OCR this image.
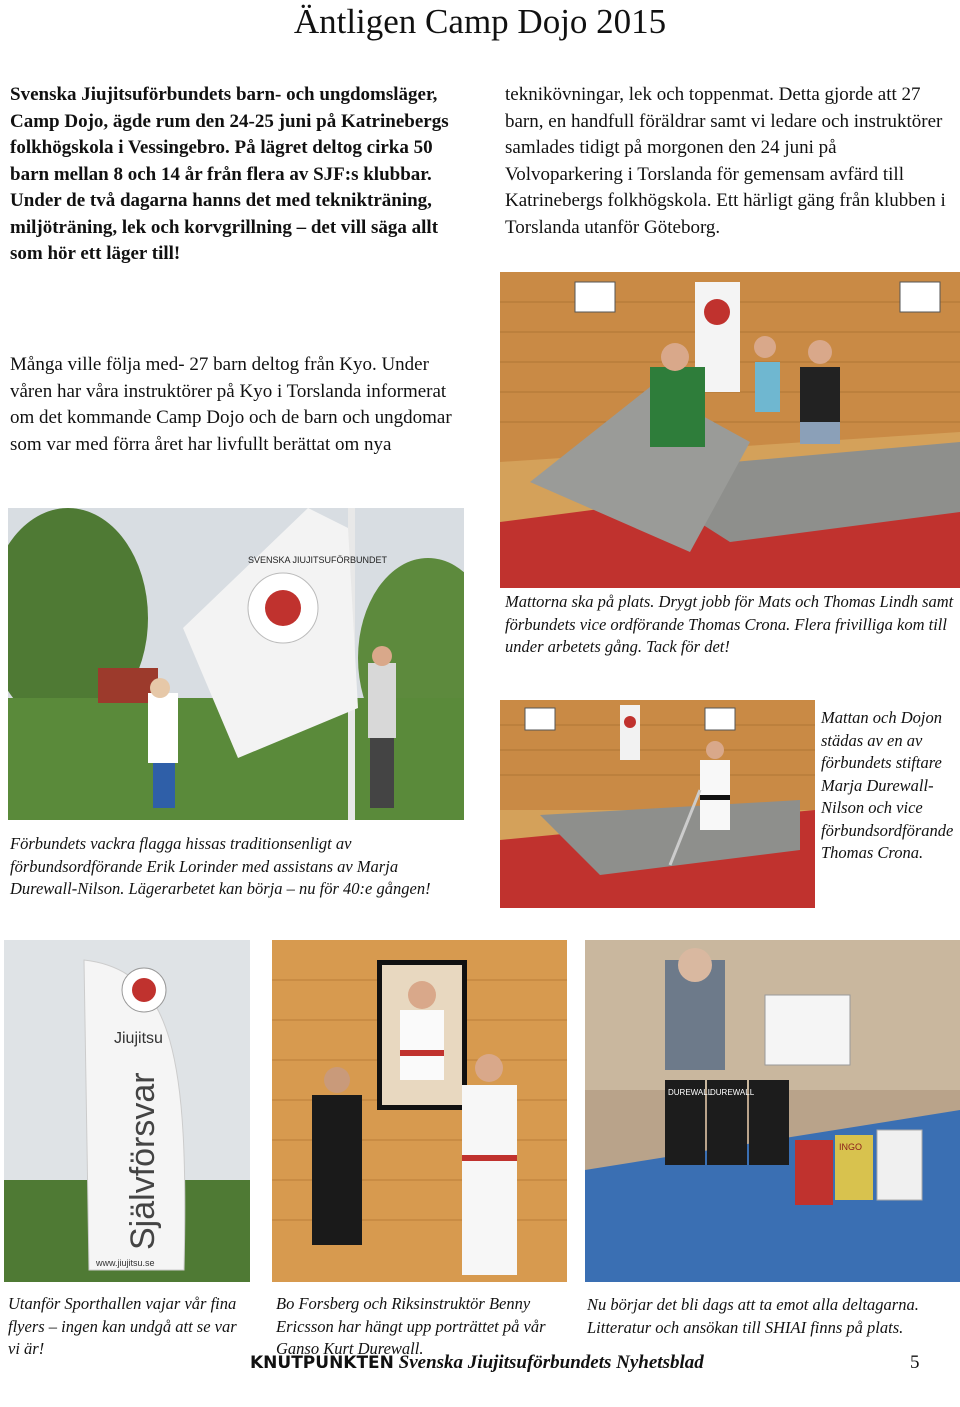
Äntligen Camp Dojo 2015
Svenska Jiujitsuförbundets barn- och ungdomsläger, Camp Dojo, ägde rum den 24-25 juni på Katrinebergs folkhögskola i Vessingebro. På lägret deltog cirka 50 barn mellan 8 och 14 år från flera av SJF:s klubbar. Under de två dagarna hanns det med teknikträning, miljöträning, lek och korvgrillning – det vill säga allt som hör ett läger till!
Många ville följa med- 27 barn deltog från Kyo. Under våren har våra instruktörer på Kyo i Torslanda informerat om det kommande Camp Dojo och de barn och ungdomar som var med förra året har livfullt berättat om nya
teknikövningar, lek och toppenmat. Detta gjorde att 27 barn, en handfull föräldrar samt vi ledare och instruktörer samlades tidigt på morgonen den 24 juni på Volvoparkering i Torslanda för gemensam avfärd till Katrinebergs folkhögskola. Ett härligt gäng från klubben i Torslanda utanför Göteborg.
SVENSKA JIUJITSUFÖRBUNDET
Mattorna ska på plats. Drygt jobb för Mats och Thomas Lindh samt förbundets vice ordförande Thomas Crona. Flera frivilliga kom till under arbetets gång. Tack för det!
Mattan och Dojon städas av en av förbundets stiftare Marja Durewall-Nilson och vice förbundsordförande Thomas Crona.
Förbundets vackra flagga hissas traditionsenligt av förbundsordförande Erik Lorinder med assistans av Marja Durewall-Nilson. Lägerarbetet kan börja – nu för 40:e gången!
Jiujitsu
Självförsvar
www.jiujitsu.se
DUREWALL
DUREWALL
INGO
Utanför Sporthallen vajar vår fina flyers – ingen kan undgå att se var vi är!
Bo Forsberg och Riksinstruktör Benny Ericsson har hängt upp porträttet på vår Ganso Kurt Durewall.
Nu börjar det bli dags att ta emot alla deltagarna. Litteratur och ansökan till SHIAI finns på plats.
KNUTPUNKTEN Svenska Jiujitsuförbundets Nyhetsblad	5
